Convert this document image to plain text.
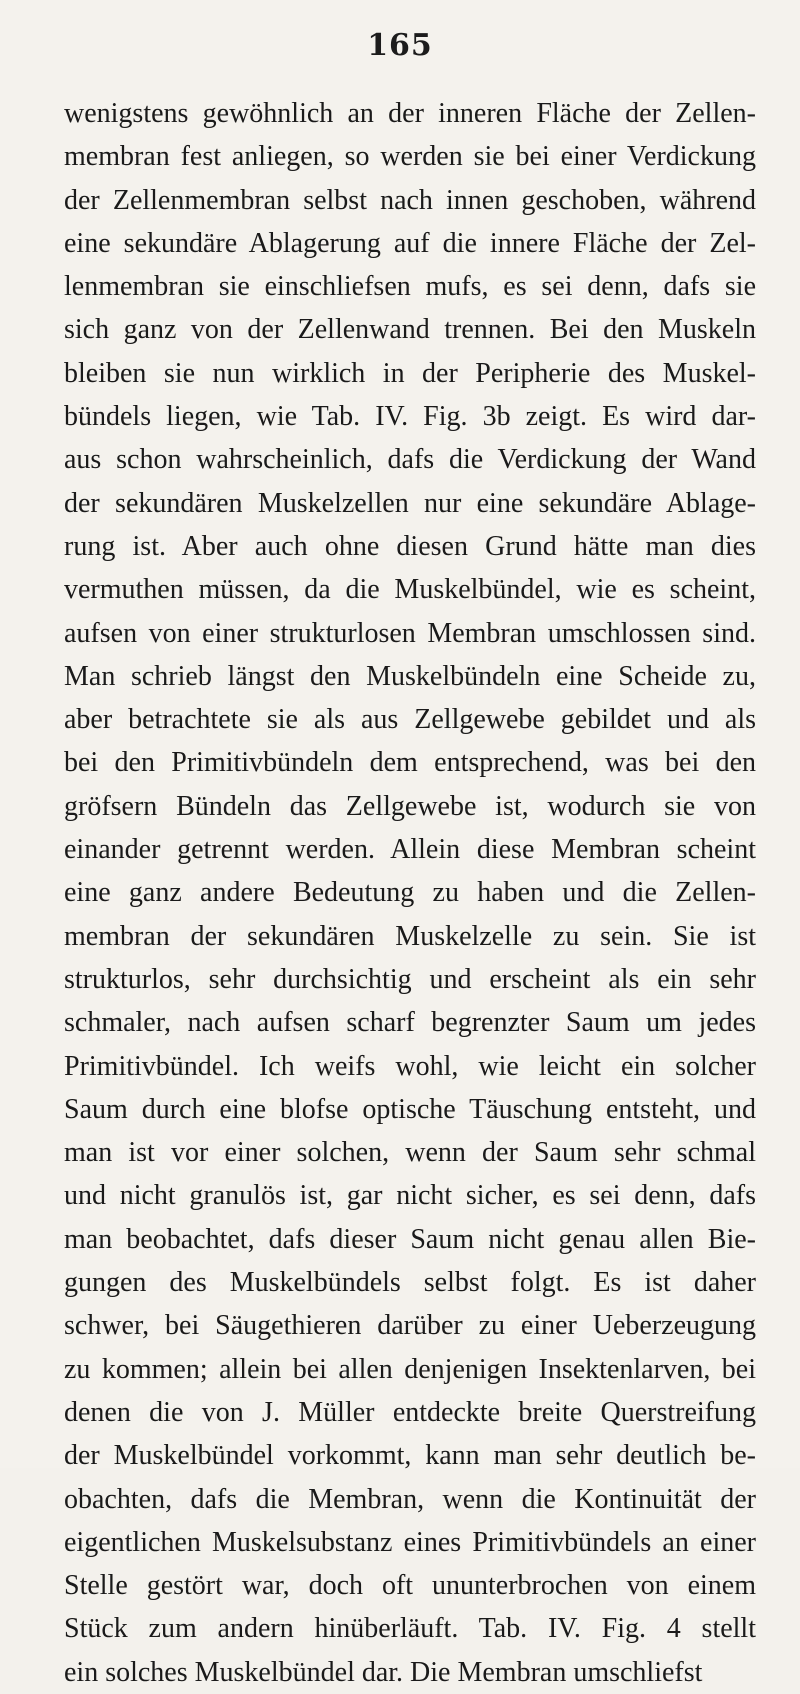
165
wenigstens gewöhnlich an der inneren Fläche der Zellen-
membran fest anliegen, so werden sie bei einer Verdickung
der Zellenmembran selbst nach innen geschoben, während
eine sekundäre Ablagerung auf die innere Fläche der Zel-
lenmembran sie einschliefsen mufs, es sei denn, dafs sie
sich ganz von der Zellenwand trennen. Bei den Muskeln
bleiben sie nun wirklich in der Peripherie des Muskel-
bündels liegen, wie Tab. IV. Fig. 3b zeigt. Es wird dar-
aus schon wahrscheinlich, dafs die Verdickung der Wand
der sekundären Muskelzellen nur eine sekundäre Ablage-
rung ist. Aber auch ohne diesen Grund hätte man dies
vermuthen müssen, da die Muskelbündel, wie es scheint,
aufsen von einer strukturlosen Membran umschlossen sind.
Man schrieb längst den Muskelbündeln eine Scheide zu,
aber betrachtete sie als aus Zellgewebe gebildet und als
bei den Primitivbündeln dem entsprechend, was bei den
gröfsern Bündeln das Zellgewebe ist, wodurch sie von
einander getrennt werden. Allein diese Membran scheint
eine ganz andere Bedeutung zu haben und die Zellen-
membran der sekundären Muskelzelle zu sein. Sie ist
strukturlos, sehr durchsichtig und erscheint als ein sehr
schmaler, nach aufsen scharf begrenzter Saum um jedes
Primitivbündel. Ich weifs wohl, wie leicht ein solcher
Saum durch eine blofse optische Täuschung entsteht, und
man ist vor einer solchen, wenn der Saum sehr schmal
und nicht granulös ist, gar nicht sicher, es sei denn, dafs
man beobachtet, dafs dieser Saum nicht genau allen Bie-
gungen des Muskelbündels selbst folgt. Es ist daher
schwer, bei Säugethieren darüber zu einer Ueberzeugung
zu kommen; allein bei allen denjenigen Insektenlarven, bei
denen die von J. Müller entdeckte breite Querstreifung
der Muskelbündel vorkommt, kann man sehr deutlich be-
obachten, dafs die Membran, wenn die Kontinuität der
eigentlichen Muskelsubstanz eines Primitivbündels an einer
Stelle gestört war, doch oft ununterbrochen von einem
Stück zum andern hinüberläuft. Tab. IV. Fig. 4 stellt
ein solches Muskelbündel dar. Die Membran umschliefst
